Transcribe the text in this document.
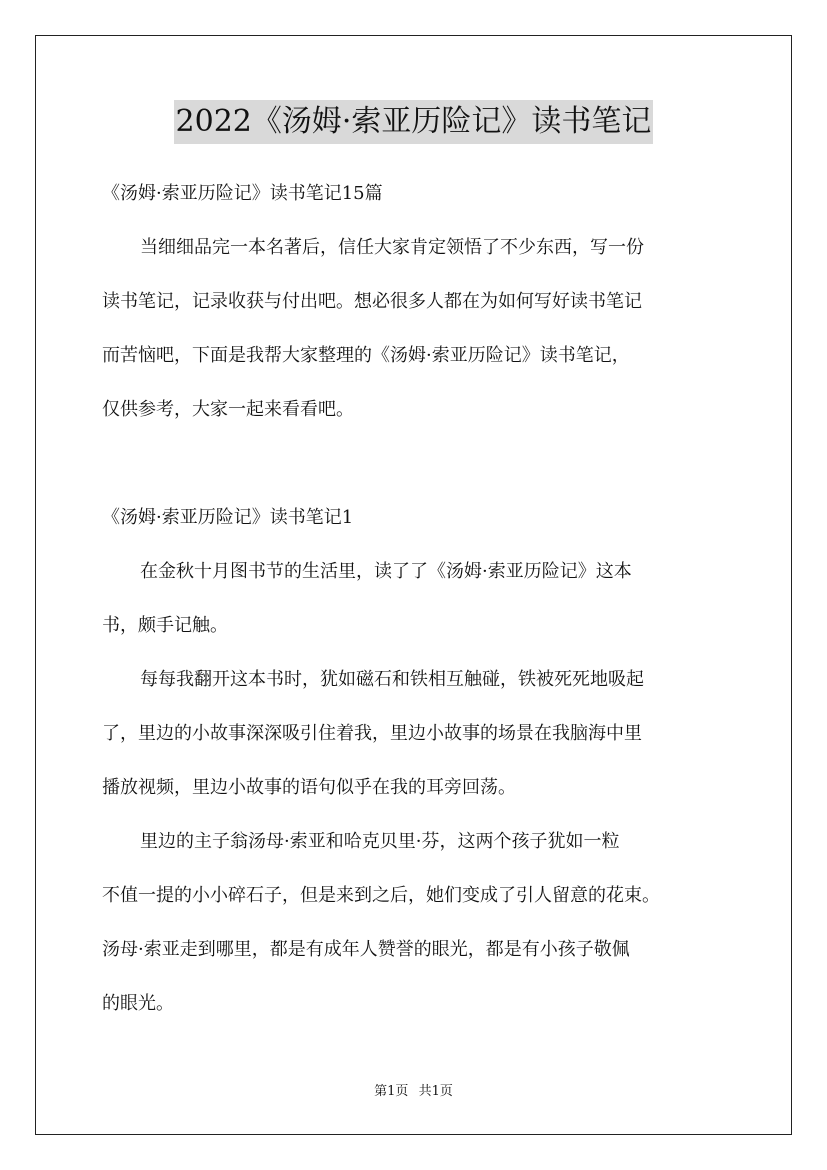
2022《汤姆·索亚历险记》读书笔记
《汤姆·索亚历险记》读书笔记15篇
当细细品完一本名著后，信任大家肯定领悟了不少东西，写一份
读书笔记，记录收获与付出吧。想必很多人都在为如何写好读书笔记
而苦恼吧，下面是我帮大家整理的《汤姆·索亚历险记》读书笔记，
仅供参考，大家一起来看看吧。
《汤姆·索亚历险记》读书笔记1
在金秋十月图书节的生活里，读了了《汤姆·索亚历险记》这本
书，颇手记触。
每每我翻开这本书时，犹如磁石和铁相互触碰，铁被死死地吸起
了，里边的小故事深深吸引住着我，里边小故事的场景在我脑海中里
播放视频，里边小故事的语句似乎在我的耳旁回荡。
里边的主子翁汤母·索亚和哈克贝里·芬，这两个孩子犹如一粒
不值一提的小小碎石子，但是来到之后，她们变成了引人留意的花束。
汤母·索亚走到哪里，都是有成年人赞誉的眼光，都是有小孩子敬佩
的眼光。
第1页 共1页
